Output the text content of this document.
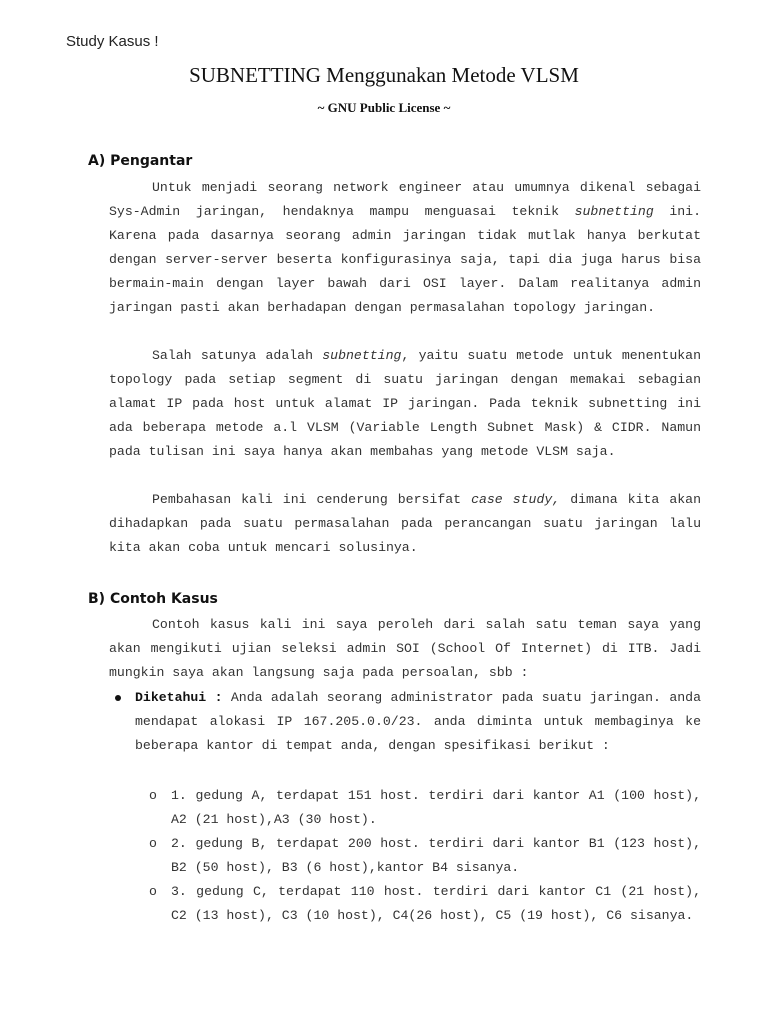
Study Kasus !
SUBNETTING Menggunakan Metode VLSM
~ GNU Public License ~
A) Pengantar

Untuk menjadi seorang network engineer atau umumnya dikenal sebagai Sys-Admin jaringan, hendaknya mampu menguasai teknik subnetting ini. Karena pada dasarnya seorang admin jaringan tidak mutlak hanya berkutat dengan server-server beserta konfigurasinya saja, tapi dia juga harus bisa bermain-main dengan layer bawah dari OSI layer. Dalam realitanya admin jaringan pasti akan berhadapan dengan permasalahan topology jaringan.

Salah satunya adalah subnetting, yaitu suatu metode untuk menentukan topology pada setiap segment di suatu jaringan dengan memakai sebagian alamat IP pada host untuk alamat IP jaringan. Pada teknik subnetting ini ada beberapa metode a.l VLSM (Variable Length Subnet Mask) & CIDR. Namun pada tulisan ini saya hanya akan membahas yang metode VLSM saja.

Pembahasan kali ini cenderung bersifat case study, dimana kita akan dihadapkan pada suatu permasalahan pada perancangan suatu jaringan lalu kita akan coba untuk mencari solusinya.

B) Contoh Kasus

Contoh kasus kali ini saya peroleh dari salah satu teman saya yang akan mengikuti ujian seleksi admin SOI (School Of Internet) di ITB. Jadi mungkin saya akan langsung saja pada persoalan, sbb :

Diketahui : Anda adalah seorang administrator pada suatu jaringan. anda mendapat alokasi IP 167.205.0.0/23. anda diminta untuk membaginya ke beberapa kantor di tempat anda, dengan spesifikasi berikut :

o 1. gedung A, terdapat 151 host. terdiri dari kantor A1 (100 host), A2 (21 host),A3 (30 host).

o 2. gedung B, terdapat 200 host. terdiri dari kantor B1 (123 host), B2 (50 host), B3 (6 host),kantor B4 sisanya.

o 3. gedung C, terdapat 110 host. terdiri dari kantor C1 (21 host), C2 (13 host), C3 (10 host), C4(26 host), C5 (19 host), C6 sisanya.
